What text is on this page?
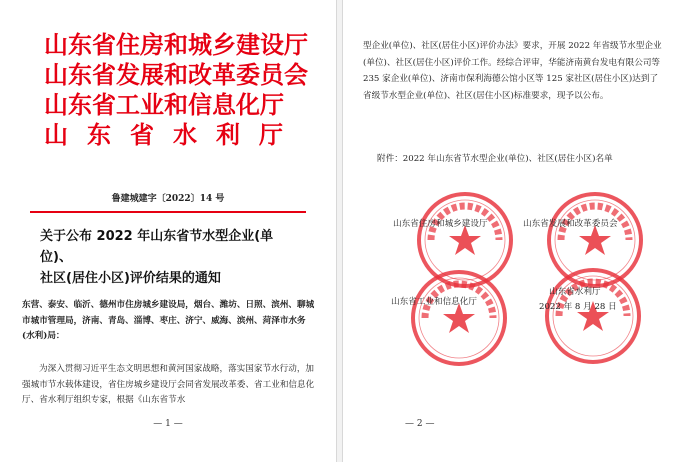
山东省住房和城乡建设厅
山东省发展和改革委员会
山东省工业和信息化厅
山东省水利厅
鲁建城建字〔2022〕14 号
关于公布 2022 年山东省节水型企业(单位)、
社区(居住小区)评价结果的通知
东营、泰安、临沂、德州市住房城乡建设局，烟台、潍坊、日照、滨州、聊城市城市管理局，济南、青岛、淄博、枣庄、济宁、威海、滨州、菏泽市水务(水利)局：
为深入贯彻习近平生态文明思想和黄河国家战略，落实国家节水行动，加强城市节水载体建设，省住房城乡建设厅会同省发展改革委、省工业和信息化厅、省水利厅组织专家，根据《山东省节水
— 1 —
型企业(单位)、社区(居住小区)评价办法》要求，开展 2022 年省级节水型企业(单位)、社区(居住小区)评价工作。经综合评审，华能济南黄台发电有限公司等 235 家企业(单位)、济南市保利海德公馆小区等 125 家社区(居住小区)达到了省级节水型企业(单位)、社区(居住小区)标准要求，现予以公布。
附件：2022 年山东省节水型企业(单位)、社区(居住小区)名单
山东省住房和城乡建设厅	山东省发展和改革委员会
山东省工业和信息化厅
山东省水利厅
2022 年 8 月 28 日
— 2 —
